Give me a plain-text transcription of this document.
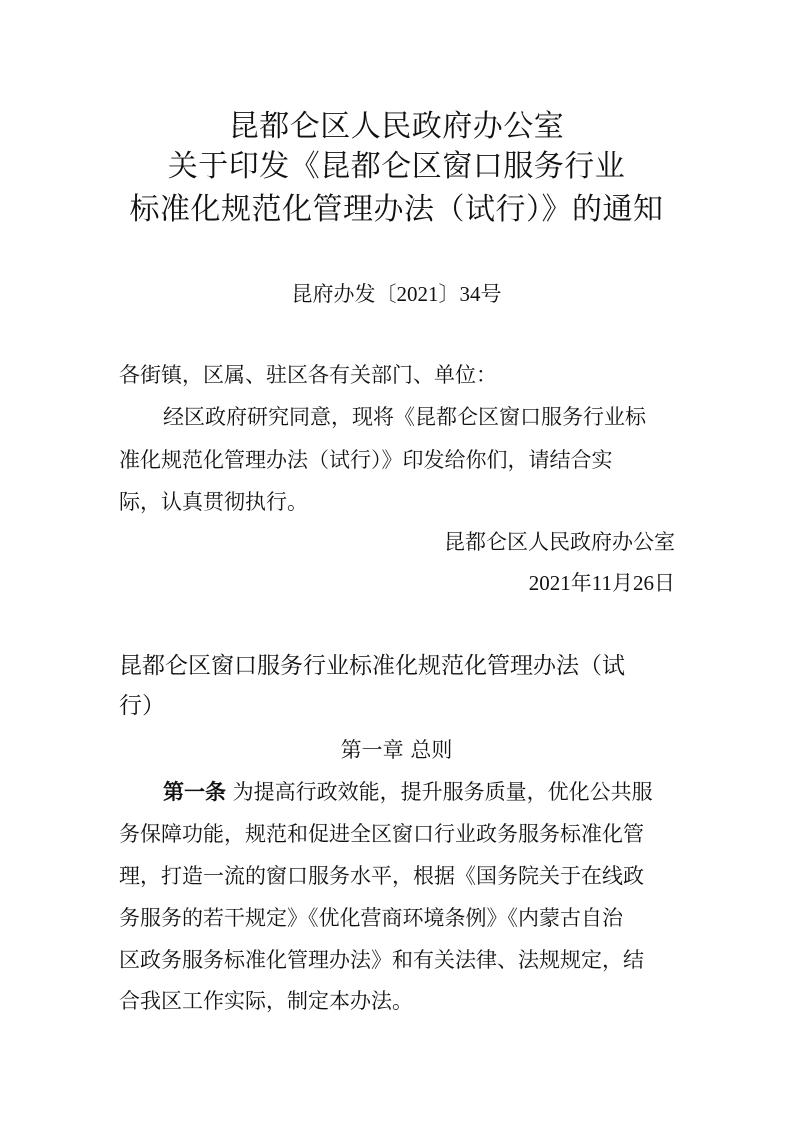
昆都仑区人民政府办公室
关于印发《昆都仑区窗口服务行业
标准化规范化管理办法（试行）》的通知
昆府办发〔2021〕34号
各街镇，区属、驻区各有关部门、单位：
经区政府研究同意，现将《昆都仑区窗口服务行业标
准化规范化管理办法（试行）》印发给你们，请结合实
际，认真贯彻执行。
昆都仑区人民政府办公室
2021年11月26日
昆都仑区窗口服务行业标准化规范化管理办法（试
行）
第一章 总则
第一条 为提高行政效能，提升服务质量，优化公共服
务保障功能，规范和促进全区窗口行业政务服务标准化管
理，打造一流的窗口服务水平，根据《国务院关于在线政
务服务的若干规定》《优化营商环境条例》《内蒙古自治
区政务服务标准化管理办法》和有关法律、法规规定，结
合我区工作实际，制定本办法。
